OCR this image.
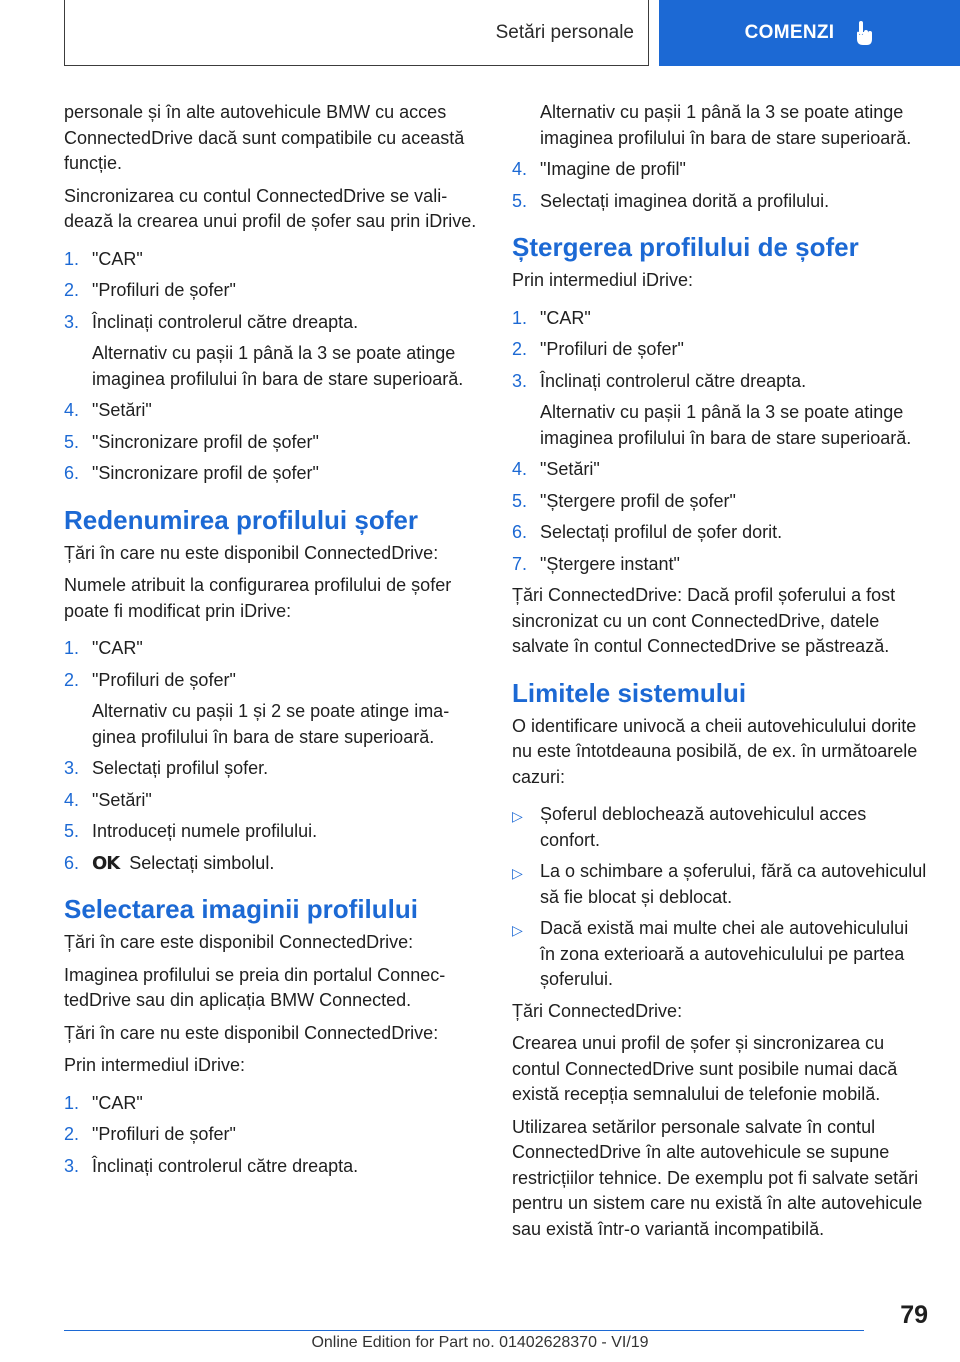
Setări personale	COMENZI
personale și în alte autovehicule BMW cu acces ConnectedDrive dacă sunt compatibile cu această funcție.
Sincronizarea cu contul ConnectedDrive se validează la crearea unui profil de șofer sau prin iDrive.
1. "CAR"
2. "Profiluri de șofer"
3. Înclinați controlerul către dreapta.
Alternativ cu pașii 1 până la 3 se poate atinge imaginea profilului în bara de stare superioară.
4. "Setări"
5. "Sincronizare profil de șofer"
6. "Sincronizare profil de șofer"
Redenumirea profilului șofer
Țări în care nu este disponibil ConnectedDrive:
Numele atribuit la configurarea profilului de șofer poate fi modificat prin iDrive:
1. "CAR"
2. "Profiluri de șofer"
Alternativ cu pașii 1 și 2 se poate atinge imaginea profilului în bara de stare superioară.
3. Selectați profilul șofer.
4. "Setări"
5. Introduceți numele profilului.
6. OK Selectați simbolul.
Selectarea imaginii profilului
Țări în care este disponibil ConnectedDrive:
Imaginea profilului se preia din portalul ConnectedDrive sau din aplicația BMW Connected.
Țări în care nu este disponibil ConnectedDrive:
Prin intermediul iDrive:
1. "CAR"
2. "Profiluri de șofer"
3. Înclinați controlerul către dreapta.
Alternativ cu pașii 1 până la 3 se poate atinge imaginea profilului în bara de stare superioară.
4. "Imagine de profil"
5. Selectați imaginea dorită a profilului.
Ștergerea profilului de șofer
Prin intermediul iDrive:
1. "CAR"
2. "Profiluri de șofer"
3. Înclinați controlerul către dreapta.
Alternativ cu pașii 1 până la 3 se poate atinge imaginea profilului în bara de stare superioară.
4. "Setări"
5. "Ștergere profil de șofer"
6. Selectați profilul de șofer dorit.
7. "Ștergere instant"
Țări ConnectedDrive: Dacă profil șoferului a fost sincronizat cu un cont ConnectedDrive, datele salvate în contul ConnectedDrive se păstrează.
Limitele sistemului
O identificare univocă a cheii autovehiculului dorite nu este întotdeauna posibilă, de ex. în următoarele cazuri:
▷ Șoferul deblochează autovehiculul acces confort.
▷ La o schimbare a șoferului, fără ca autovehiculul să fie blocat și deblocat.
▷ Dacă există mai multe chei ale autovehiculului în zona exterioară a autovehiculului pe partea șoferului.
Țări ConnectedDrive:
Crearea unui profil de șofer și sincronizarea cu contul ConnectedDrive sunt posibile numai dacă există recepția semnalului de telefonie mobilă.
Utilizarea setărilor personale salvate în contul ConnectedDrive în alte autovehicule se supune restricțiilor tehnice. De exemplu pot fi salvate setări pentru un sistem care nu există în alte autovehicule sau există într-o variantă incompatibilă.
79
Online Edition for Part no. 01402628370 - VI/19
